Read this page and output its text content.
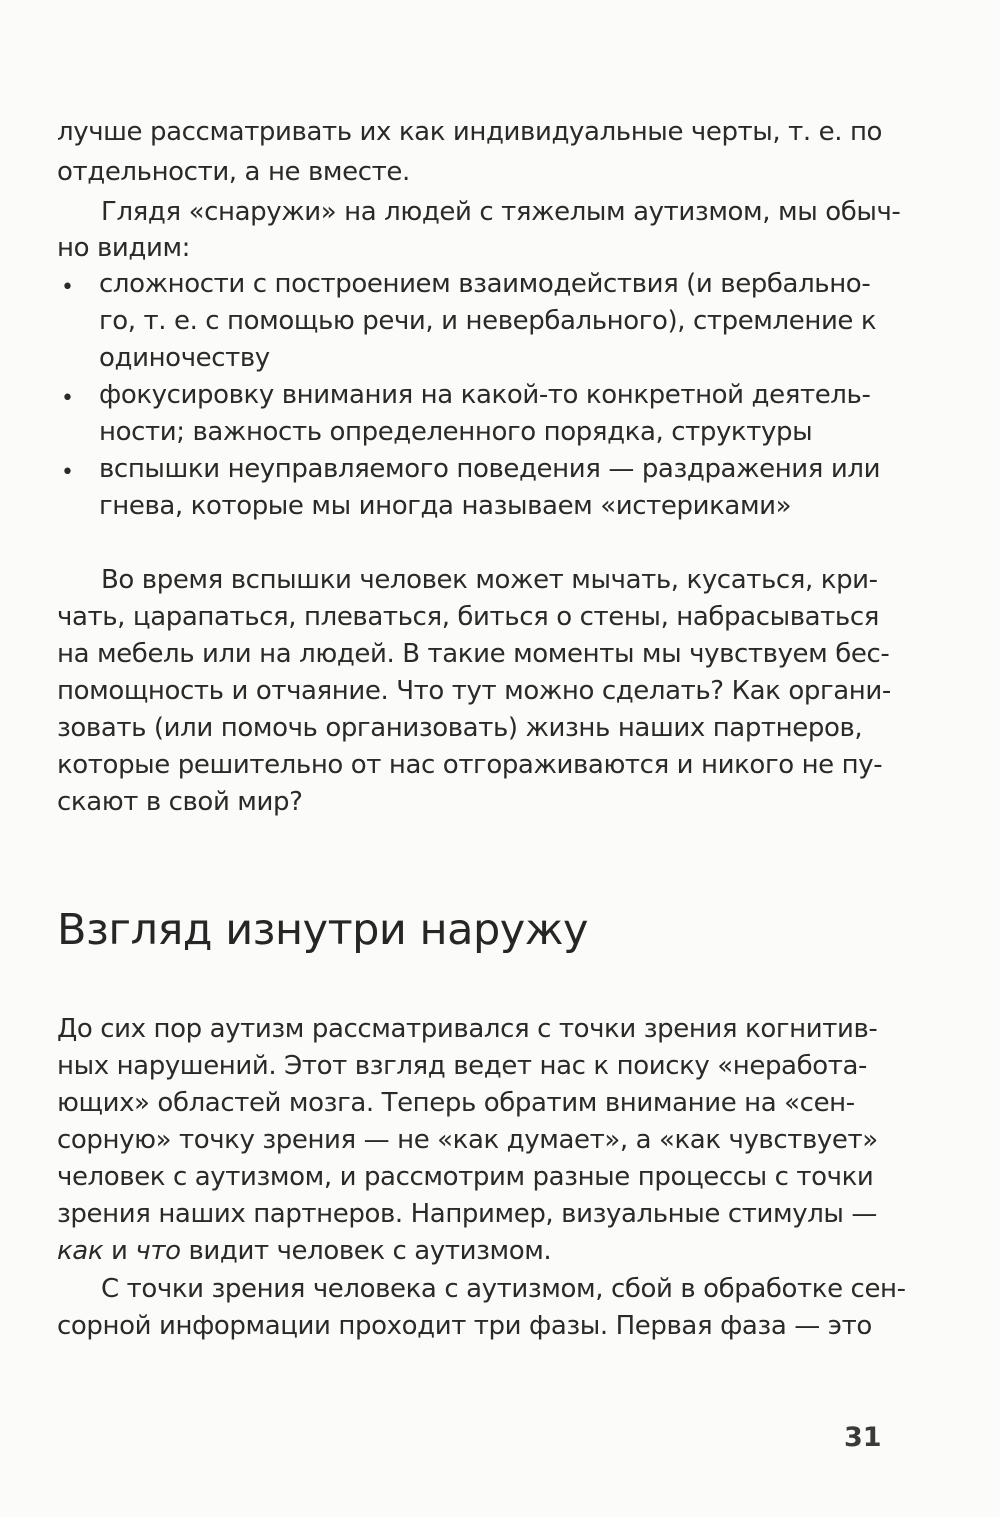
лучше рассматривать их как индивидуальные черты, т. е. по
отдельности, а не вместе.
Глядя «снаружи» на людей с тяжелым аутизмом, мы обыч-
но видим:
• сложности с построением взаимодействия (и вербально-
го, т. е. с помощью речи, и невербального), стремление к
одиночеству
• фокусировку внимания на какой-то конкретной деятель-
ности; важность определенного порядка, структуры
• вспышки неуправляемого поведения — раздражения или
гнева, которые мы иногда называем «истериками»
Во время вспышки человек может мычать, кусаться, кри-
чать, царапаться, плеваться, биться о стены, набрасываться
на мебель или на людей. В такие моменты мы чувствуем бес-
помощность и отчаяние. Что тут можно сделать? Как органи-
зовать (или помочь организовать) жизнь наших партнеров,
которые решительно от нас отгораживаются и никого не пу-
скают в свой мир?
Взгляд изнутри наружу
До сих пор аутизм рассматривался с точки зрения когнитив-
ных нарушений. Этот взгляд ведет нас к поиску «неработа-
ющих» областей мозга. Теперь обратим внимание на «сен-
сорную» точку зрения — не «как думает», а «как чувствует»
человек с аутизмом, и рассмотрим разные процессы с точки
зрения наших партнеров. Например, визуальные стимулы —
как и что видит человек с аутизмом.
С точки зрения человека с аутизмом, сбой в обработке сен-
сорной информации проходит три фазы. Первая фаза — это
31
